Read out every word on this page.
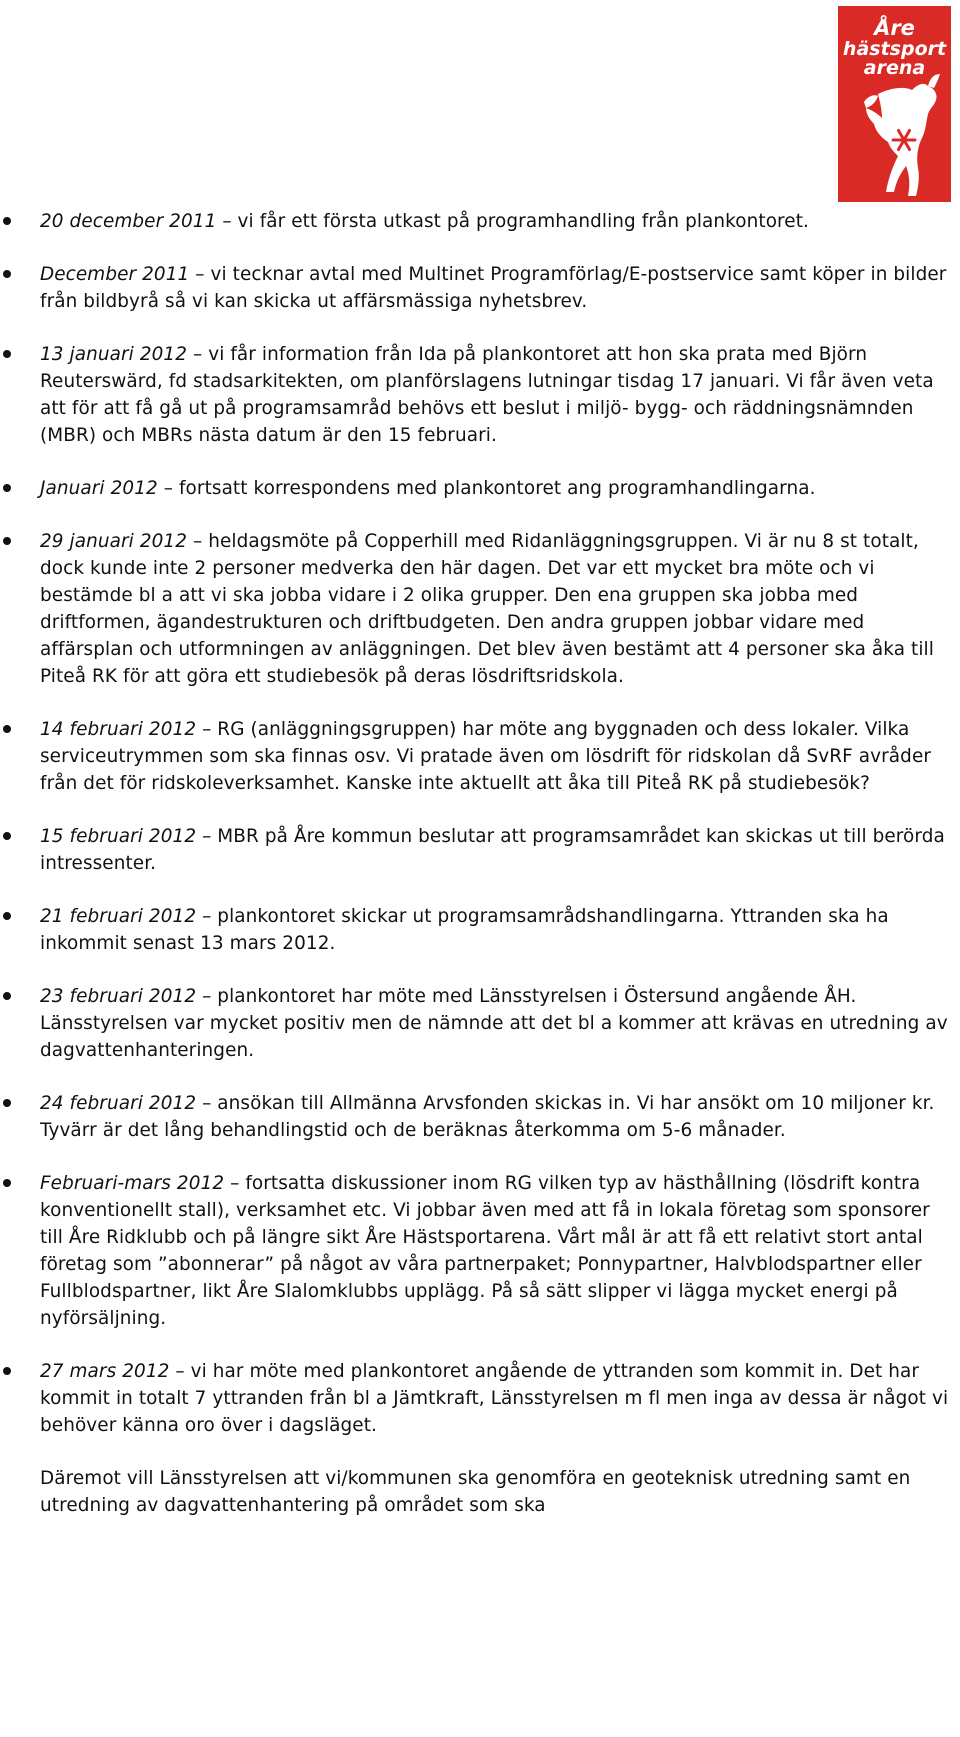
Åre
hästsport
arena
20 december 2011 – vi får ett första utkast på programhandling från plankontoret.
December 2011 – vi tecknar avtal med Multinet Programförlag/E-postservice samt köper in bilder från bildbyrå så vi kan skicka ut affärsmässiga nyhetsbrev.
13 januari 2012 – vi får information från Ida på plankontoret att hon ska prata med Björn Reuterswärd, fd stadsarkitekten, om planförslagens lutningar tisdag 17 januari. Vi får även veta att för att få gå ut på programsamråd behövs ett beslut i miljö- bygg- och räddningsnämnden (MBR) och MBRs nästa datum är den 15 februari.
Januari 2012 – fortsatt korrespondens med plankontoret ang programhandlingarna.
29 januari 2012 – heldagsmöte på Copperhill med Ridanläggningsgruppen. Vi är nu 8 st totalt, dock kunde inte 2 personer medverka den här dagen. Det var ett mycket bra möte och vi bestämde bl a att vi ska jobba vidare i 2 olika grupper. Den ena gruppen ska jobba med driftformen, ägandestrukturen och driftbudgeten. Den andra gruppen jobbar vidare med affärsplan och utformningen av anläggningen. Det blev även bestämt att 4 personer ska åka till Piteå RK för att göra ett studiebesök på deras lösdriftsridskola.
14 februari 2012 – RG (anläggningsgruppen) har möte ang byggnaden och dess lokaler. Vilka serviceutrymmen som ska finnas osv. Vi pratade även om lösdrift för ridskolan då SvRF avråder från det för ridskoleverksamhet. Kanske inte aktuellt att åka till Piteå RK på studiebesök?
15 februari 2012 – MBR på Åre kommun beslutar att programsamrådet kan skickas ut till berörda intressenter.
21 februari 2012 – plankontoret skickar ut programsamrådshandlingarna. Yttranden ska ha inkommit senast 13 mars 2012.
23 februari 2012 – plankontoret har möte med Länsstyrelsen i Östersund angående ÅH. Länsstyrelsen var mycket positiv men de nämnde att det bl a kommer att krävas en utredning av dagvattenhanteringen.
24 februari 2012 – ansökan till Allmänna Arvsfonden skickas in. Vi har ansökt om 10 miljoner kr. Tyvärr är det lång behandlingstid och de beräknas återkomma om 5-6 månader.
Februari-mars 2012 – fortsatta diskussioner inom RG vilken typ av hästhållning (lösdrift kontra konventionellt stall), verksamhet etc. Vi jobbar även med att få in lokala företag som sponsorer till Åre Ridklubb och på längre sikt Åre Hästsportarena. Vårt mål är att få ett relativt stort antal företag som ”abonnerar” på något av våra partnerpaket; Ponnypartner, Halvblodspartner eller Fullblodspartner, likt Åre Slalomklubbs upplägg. På så sätt slipper vi lägga mycket energi på nyförsäljning.
27 mars 2012 – vi har möte med plankontoret angående de yttranden som kommit in. Det har kommit in totalt 7 yttranden från bl a Jämtkraft, Länsstyrelsen m fl men inga av dessa är något vi behöver känna oro över i dagsläget.

Däremot vill Länsstyrelsen att vi/kommunen ska genomföra en geoteknisk utredning samt en utredning av dagvattenhantering på området som ska
